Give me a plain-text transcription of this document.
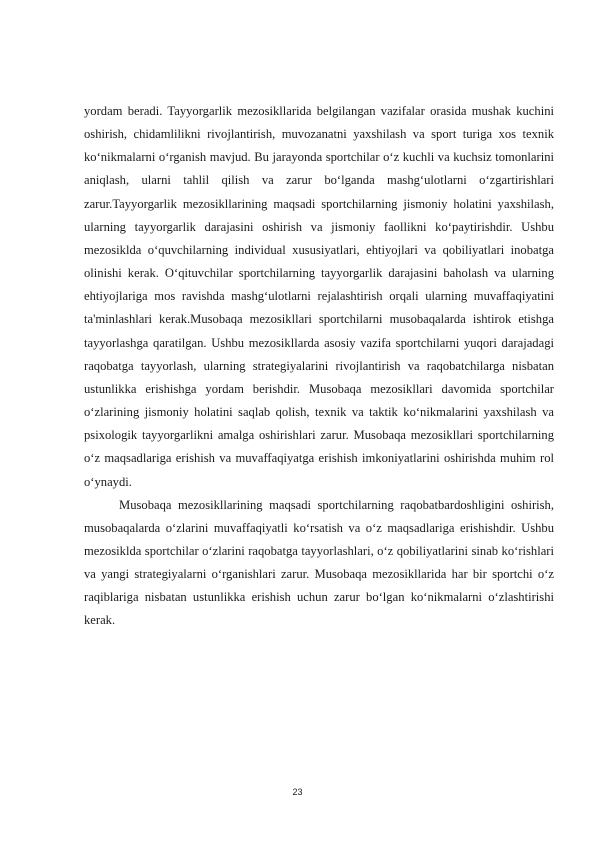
yordam beradi. Tayyorgarlik mezosikllarida belgilangan vazifalar orasida mushak kuchini oshirish, chidamlilikni rivojlantirish, muvozanatni yaxshilash va sport turiga xos texnik ko‘nikmalarni o‘rganish mavjud. Bu jarayonda sportchilar o‘z kuchli va kuchsiz tomonlarini aniqlash, ularni tahlil qilish va zarur bo‘lganda mashg‘ulotlarni o‘zgartirishlari zarur.Tayyorgarlik mezosikllarining maqsadi sportchilarning jismoniy holatini yaxshilash, ularning tayyorgarlik darajasini oshirish va jismoniy faollikni ko‘paytirishdir. Ushbu mezosiklda o‘quvchilarning individual xususiyatlari, ehtiyojlari va qobiliyatlari inobatga olinishi kerak. O‘qituvchilar sportchilarning tayyorgarlik darajasini baholash va ularning ehtiyojlariga mos ravishda mashg‘ulotlarni rejalashtirish orqali ularning muvaffaqiyatini ta'minlashlari kerak.Musobaqa mezosikllari sportchilarni musobaqalarda ishtirok etishga tayyorlashga qaratilgan. Ushbu mezosikllarda asosiy vazifa sportchilarni yuqori darajadagi raqobatga tayyorlash, ularning strategiyalarini rivojlantirish va raqobatchilarga nisbatan ustunlikka erishishga yordam berishdir. Musobaqa mezosikllari davomida sportchilar o‘zlarining jismoniy holatini saqlab qolish, texnik va taktik ko‘nikmalarini yaxshilash va psixologik tayyorgarlikni amalga oshirishlari zarur. Musobaqa mezosikllari sportchilarning o‘z maqsadlariga erishish va muvaffaqiyatga erishish imkoniyatlarini oshirishda muhim rol o‘ynaydi.

Musobaqa mezosikllarining maqsadi sportchilarning raqobatbardoshligini oshirish, musobaqalarda o‘zlarini muvaffaqiyatli ko‘rsatish va o‘z maqsadlariga erishishdir. Ushbu mezosiklda sportchilar o‘zlarini raqobatga tayyorlashlari, o‘z qobiliyatlarini sinab ko‘rishlari va yangi strategiyalarni o‘rganishlari zarur. Musobaqa mezosikllarida har bir sportchi o‘z raqiblariga nisbatan ustunlikka erishish uchun zarur bo‘lgan ko‘nikmalarni o‘zlashtirishi kerak.

23
